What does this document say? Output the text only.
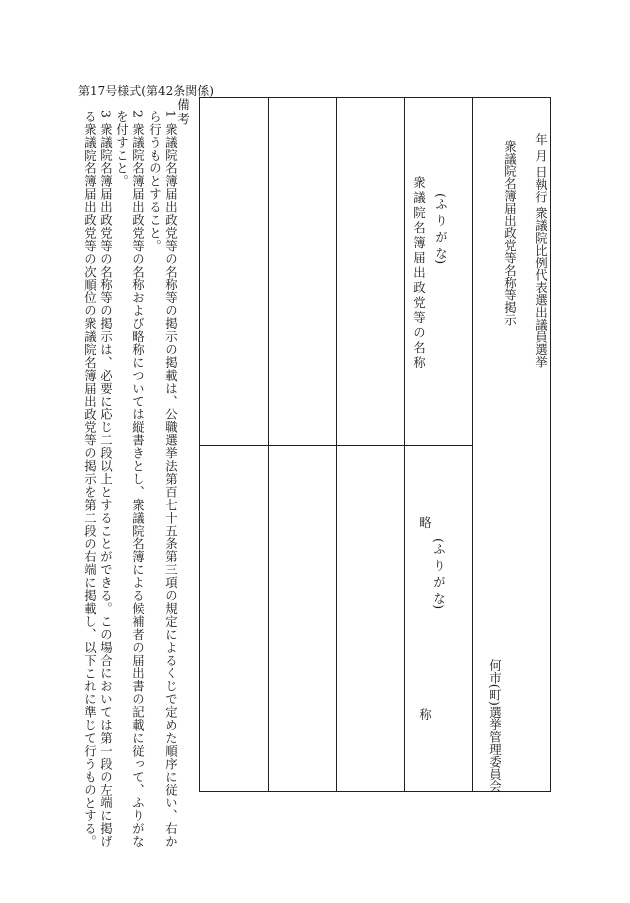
第17号様式(第42条関係)
備考
1 衆議院名簿届出政党等の名称等の掲示の掲載は、公職選挙法第百七十五条第三項の規定によるくじで定めた順序に従い、右か
ら行うものとすること。
2 衆議院名簿届出政党等の名称および略称については縦書きとし、衆議院名簿による候補者の届出書の記載に従って、ふりがな
を付すこと。
3 衆議院名簿届出政党等の名称等の掲示は、必要に応じ二段以上とすることができる。この場合においては第一段の左端に掲げ
る衆議院名簿届出政党等の次順位の衆議院名簿届出政党等の掲示を第二段の右端に掲載し、以下これに準じて行うものとする。	年 月 日執行 衆議院比例代表選出議員選挙
衆議院名簿届出政党等名称等掲示
何市(町)選挙管理委員会
(ふ り が な)
衆議院名簿届出政党等の名称
略
(ふ り が な)
称
